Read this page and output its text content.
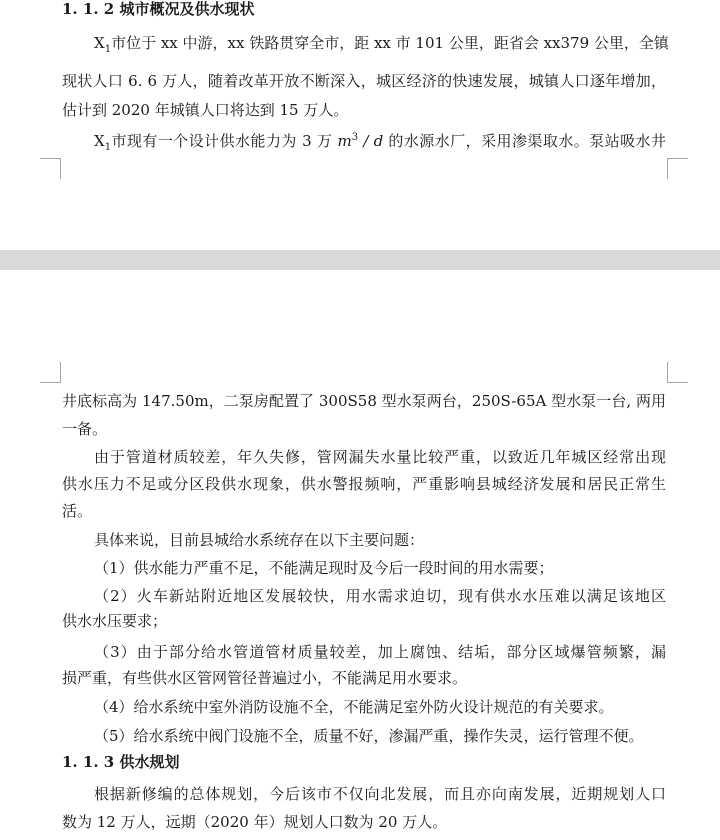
1. 1. 2 城市概况及供水现状
$X_1$市位于 xx 中游，xx 铁路贯穿全市，距 xx 市 101 公里，距省会 xx379 公里，全镇
现状人口 6. 6 万人，随着改革开放不断深入，城区经济的快速发展，城镇人口逐年增加，
估计到 2020 年城镇人口将达到 15 万人。
$X_1$市现有一个设计供水能力为 3 万 $m^3$ / d 的水源水厂，采用渗渠取水。泵站吸水井
井底标高为 147.50m，二泵房配置了 300S58 型水泵两台，250S-65A 型水泵一台, 两用
一备。
由于管道材质较差，年久失修，管网漏失水量比较严重，以致近几年城区经常出现
供水压力不足或分区段供水现象，供水警报频响，严重影响县城经济发展和居民正常生
活。
具体来说，目前县城给水系统存在以下主要问题：
（1）供水能力严重不足，不能满足现时及今后一段时间的用水需要；
（2）火车新站附近地区发展较快，用水需求迫切，现有供水水压难以满足该地区
供水水压要求；
（3）由于部分给水管道管材质量较差，加上腐蚀、结垢，部分区域爆管频繁，漏
损严重，有些供水区管网管径普遍过小，不能满足用水要求。
（4）给水系统中室外消防设施不全，不能满足室外防火设计规范的有关要求。
（5）给水系统中阀门设施不全，质量不好，渗漏严重，操作失灵，运行管理不便。
1. 1. 3 供水规划
根据新修编的总体规划，今后该市不仅向北发展，而且亦向南发展，近期规划人口
数为 12 万人，远期（2020 年）规划人口数为 20 万人。
